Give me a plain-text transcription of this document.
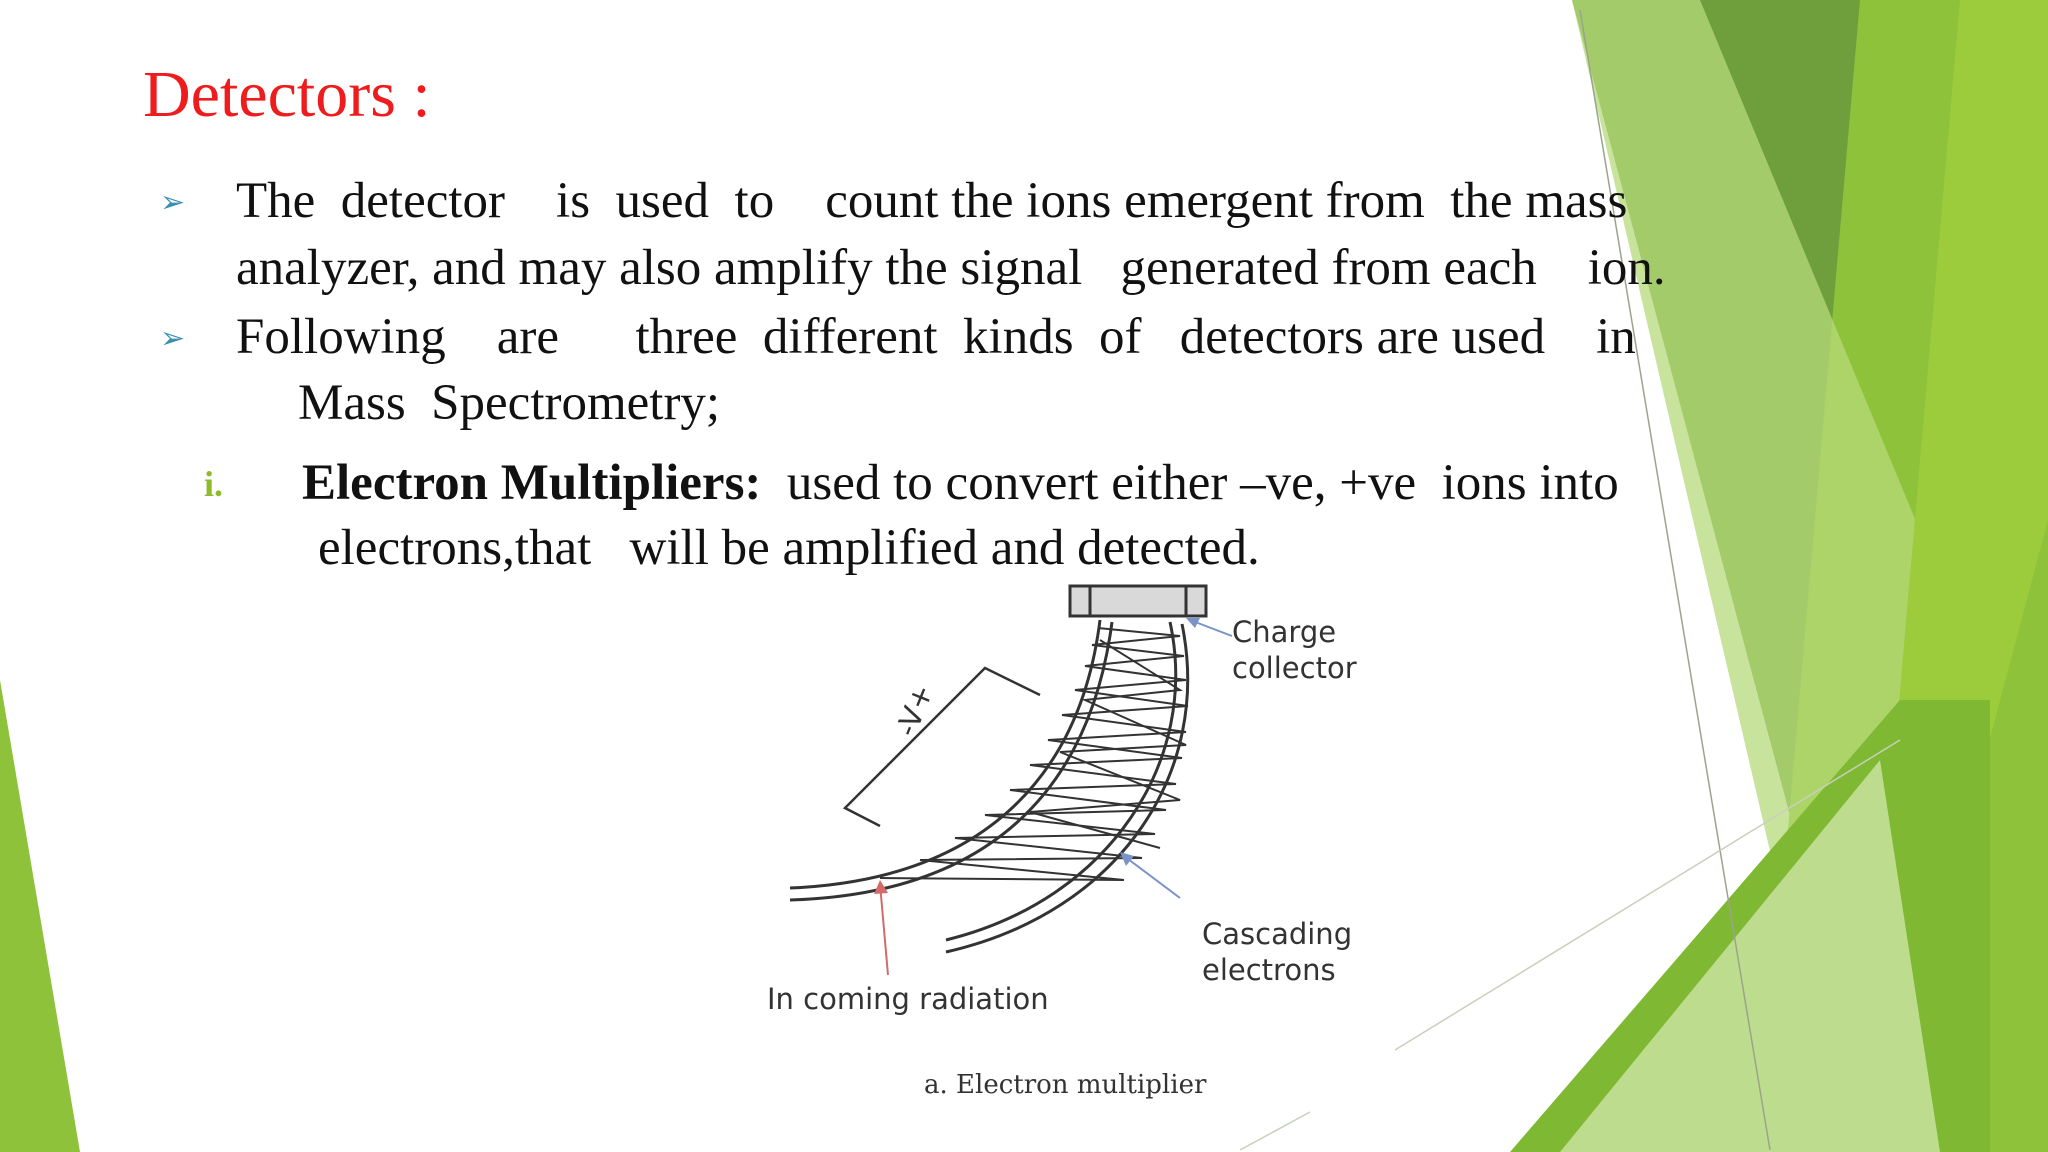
Detectors :
➢ The  detector    is  used  to    count the ions emergent from  the mass
analyzer, and may also amplify the signal   generated from each    ion.
➢ Following    are      three  different  kinds  of   detectors are used    in
Mass  Spectrometry;
i. Electron Multipliers:  used to convert either –ve, +ve  ions into
electrons,that   will be amplified and detected.
-V+
Charge
collector
Cascading
electrons
In coming radiation
a. Electron multiplier
